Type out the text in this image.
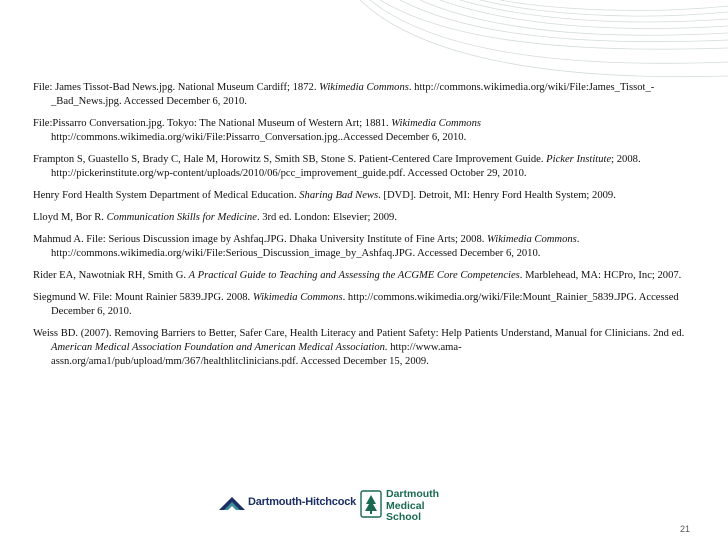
File: James Tissot-Bad News.jpg. National Museum Cardiff; 1872. Wikimedia Commons. http://commons.wikimedia.org/wiki/File:James_Tissot_-_Bad_News.jpg. Accessed December 6, 2010.

File:Pissarro Conversation.jpg. Tokyo: The National Museum of Western Art; 1881. Wikimedia Commons http://commons.wikimedia.org/wiki/File:Pissarro_Conversation.jpg..Accessed December 6, 2010.

Frampton S, Guastello S, Brady C, Hale M, Horowitz S, Smith SB, Stone S. Patient-Centered Care Improvement Guide. Picker Institute; 2008. http://pickerinstitute.org/wp-content/uploads/2010/06/pcc_improvement_guide.pdf. Accessed October 29, 2010.

Henry Ford Health System Department of Medical Education. Sharing Bad News. [DVD]. Detroit, MI: Henry Ford Health System; 2009.

Lloyd M, Bor R. Communication Skills for Medicine. 3rd ed. London: Elsevier; 2009.

Mahmud A. File: Serious Discussion image by Ashfaq.JPG. Dhaka University Institute of Fine Arts; 2008. Wikimedia Commons. http://commons.wikimedia.org/wiki/File:Serious_Discussion_image_by_Ashfaq.JPG. Accessed December 6, 2010.

Rider EA, Nawotniak RH, Smith G. A Practical Guide to Teaching and Assessing the ACGME Core Competencies. Marblehead, MA: HCPro, Inc; 2007.

Siegmund W. File: Mount Rainier 5839.JPG. 2008. Wikimedia Commons. http://commons.wikimedia.org/wiki/File:Mount_Rainier_5839.JPG. Accessed December 6, 2010.

Weiss BD. (2007). Removing Barriers to Better, Safer Care, Health Literacy and Patient Safety: Help Patients Understand, Manual for Clinicians. 2nd ed. American Medical Association Foundation and American Medical Association. http://www.ama-assn.org/ama1/pub/upload/mm/367/healthlitclinicians.pdf. Accessed December 15, 2009.

Dartmouth-Hitchcock
Dartmouth
Medical School
21
